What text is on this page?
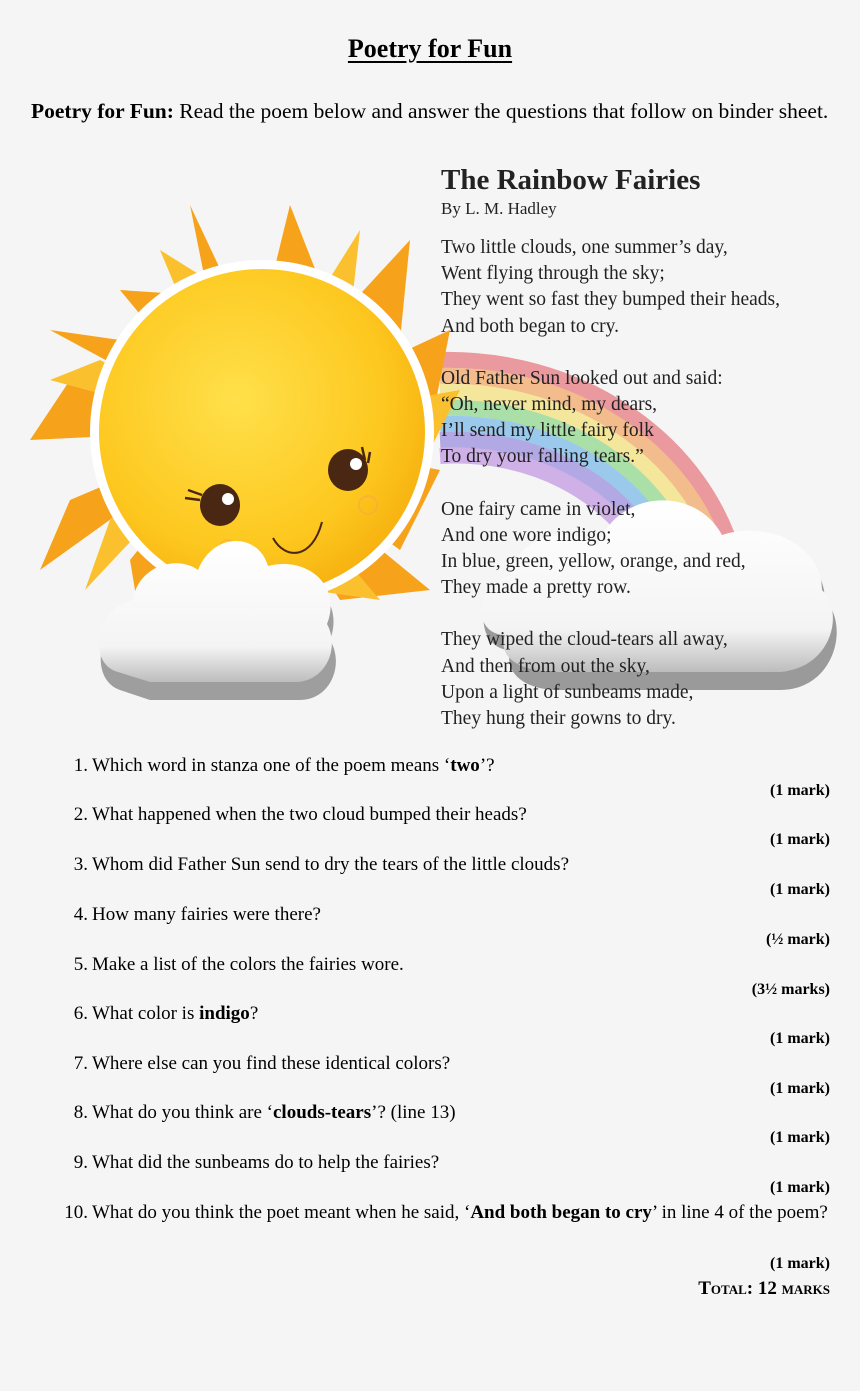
Poetry for Fun
Poetry for Fun: Read the poem below and answer the questions that follow on binder sheet.
The Rainbow Fairies
By L. M. Hadley
Two little clouds, one summer’s day,
Went flying through the sky;
They went so fast they bumped their heads,
And both began to cry.
Old Father Sun looked out and said:
“Oh, never mind, my dears,
I’ll send my little fairy folk
To dry your falling tears.”
One fairy came in violet,
And one wore indigo;
In blue, green, yellow, orange, and red,
They made a pretty row.
They wiped the cloud-tears all away,
And then from out the sky,
Upon a light of sunbeams made,
They hung their gowns to dry.
1. Which word in stanza one of the poem means ‘two’?
(1 mark)
2. What happened when the two cloud bumped their heads?
(1 mark)
3. Whom did Father Sun send to dry the tears of the little clouds?
(1 mark)
4. How many fairies were there?
(½ mark)
5. Make a list of the colors the fairies wore.
(3½ marks)
6. What color is indigo?
(1 mark)
7. Where else can you find these identical colors?
(1 mark)
8. What do you think are ‘clouds-tears’? (line 13)
(1 mark)
9. What did the sunbeams do to help the fairies?
(1 mark)
10. What do you think the poet meant when he said, ‘And both began to cry’ in line 4 of the poem?
(1 mark)
Total: 12 marks
